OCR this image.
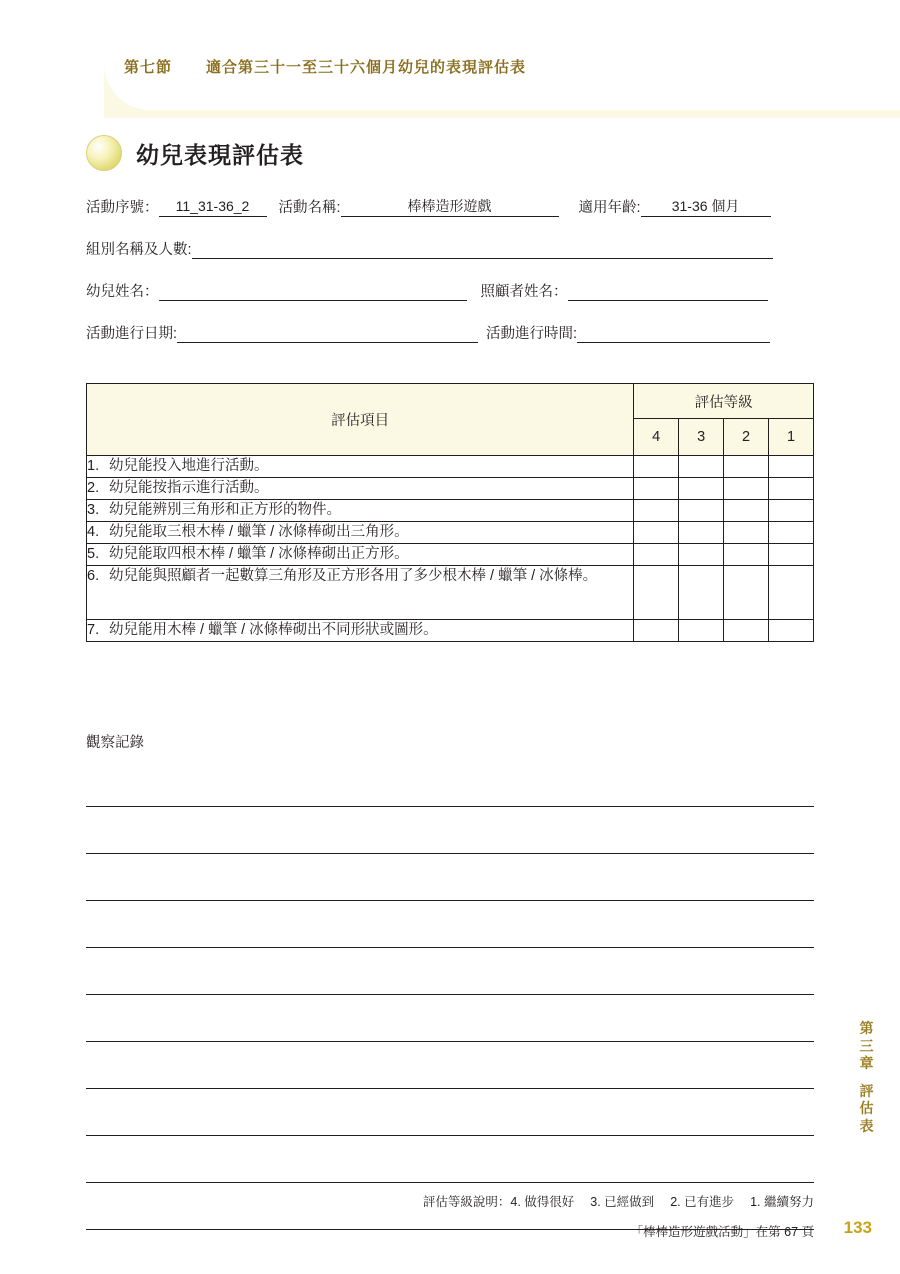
第七節 適合第三十一至三十六個月幼兒的表現評估表
幼兒表現評估表
活動序號：	11_31-36_2	活動名稱:	棒棒造形遊戲	適用年齡:	31-36 個月
組別名稱及人數:
幼兒姓名：	照顧者姓名：
活動進行日期:	活動進行時間:
評估項目	評估等級			
	4	3	2	1
1. 幼兒能投入地進行活動。				
2. 幼兒能按指示進行活動。				
3. 幼兒能辨別三角形和正方形的物件。				
4. 幼兒能取三根木棒 / 蠟筆 / 冰條棒砌出三角形。				
5. 幼兒能取四根木棒 / 蠟筆 / 冰條棒砌出正方形。				

6. 幼兒能與照顧者一起數算三角形及正方形各用了多少根木棒 / 蠟筆 / 冰條棒。				

7. 幼兒能用木棒 / 蠟筆 / 冰條棒砌出不同形狀或圖形。				
觀察記錄
第三章
評估表
評估等級說明：4. 做得很好 3. 已經做到 2. 已有進步 1. 繼續努力
「棒棒造形遊戲活動」在第 67 頁 133
